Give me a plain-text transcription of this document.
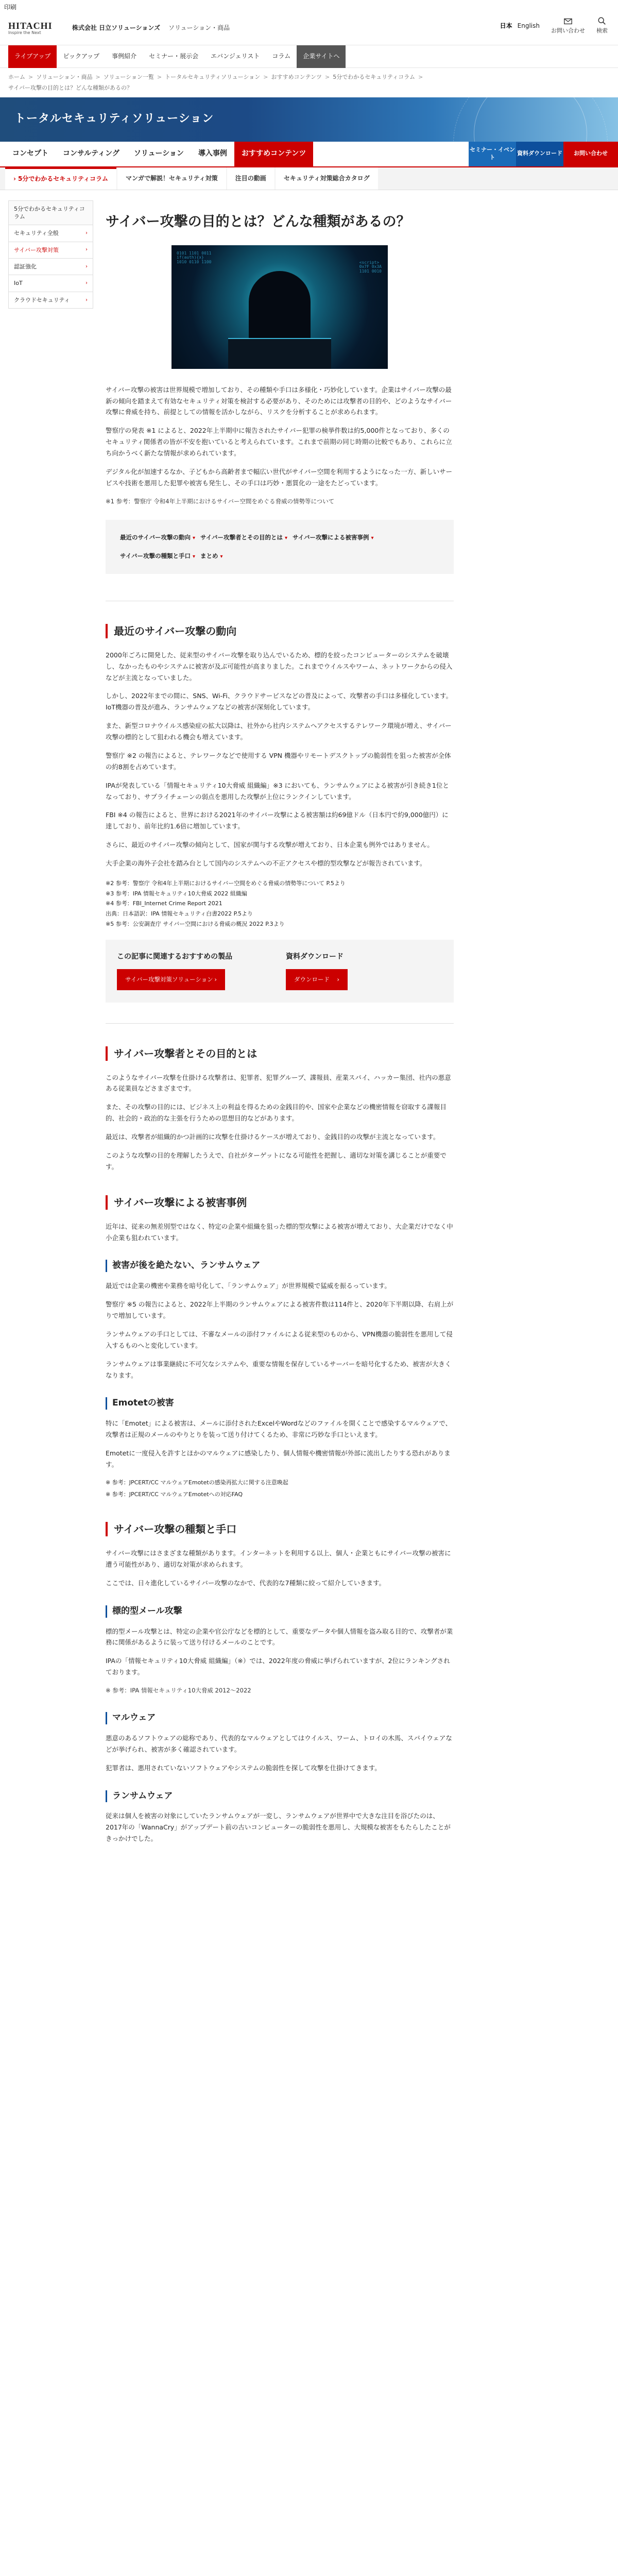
印刷
HITACHI
Inspire the Next
株式会社 日立ソリューションズ ソリューション・商品	日本 English
お問い合わせ 検索
ライブアップ	ピックアップ	事例紹介	セミナー・展示会	エバンジェリスト	コラム	企業サイトへ
ホーム > ソリューション・商品 > ソリューション一覧 > トータルセキュリティソリューション > おすすめコンテンツ > 5分でわかるセキュリティコラム >
サイバー攻撃の目的とは？どんな種類があるの？
トータルセキュリティソリューション
コンセプト	コンサルティング	ソリューション	導入事例	おすすめコンテンツ	セミナー・イベント
資料ダウンロード	お問い合わせ
› 5分でわかるセキュリティコラム	マンガで解説！セキュリティ対策	注目の動画	セキュリティ対策総合カタログ
5分でわかるセキュリティコラム
セキュリティ全般	›
サイバー攻撃対策	›
認証強化	›
IoT	›
クラウドセキュリティ	›
サイバー攻撃の目的とは？どんな種類があるの？
0101 1101 0011
if(auth){x}
1010 0110 1100	<script>
0x7F 0x3A
1101 0010

サイバー攻撃の被害は世界規模で増加しており、その種類や手口は多様化・巧妙化しています。企業はサイバー攻撃の最新の傾向を踏まえて有効なセキュリティ対策を検討する必要があり、そのためには攻撃者の目的や、どのようなサイバー攻撃に脅威を持ち、前提としての情報を活かしながら、リスクを分析することが求められます。

警察庁の発表 ※1 によると、2022年上半期中に報告されたサイバー犯罪の検挙件数は約5,000件となっており、多くのセキュリティ関係者の皆が不安を抱いていると考えられています。これまで前期の同じ時期の比較でもあり、これらに立ち向かうべく新たな情報が求められています。

デジタル化が加速するなか、子どもから高齢者まで幅広い世代がサイバー空間を利用するようになった一方、新しいサービスや技術を悪用した犯罪や被害も発生し、その手口は巧妙・悪質化の一途をたどっています。

※1 参考：警察庁 令和4年上半期におけるサイバー空間をめぐる脅威の情勢等について

最近のサイバー攻撃の動向 ▾ サイバー攻撃者とその目的とは ▾ サイバー攻撃による被害事例 ▾
サイバー攻撃の種類と手口 ▾ まとめ ▾
最近のサイバー攻撃の動向

2000年ごろに開発した、従来型のサイバー攻撃を取り込んでいるため、標的を絞ったコンピューターのシステムを破壊し、なかったものやシステムに被害が及ぶ可能性が高まりました。これまでウイルスやワーム、ネットワークからの侵入などが主流となっていました。

しかし、2022年までの間に、SNS、Wi-Fi、クラウドサービスなどの普及によって、攻撃者の手口は多様化しています。IoT機器の普及が進み、ランサムウェアなどの被害が深刻化しています。

また、新型コロナウイルス感染症の拡大以降は、社外から社内システムへアクセスするテレワーク環境が増え、サイバー攻撃の標的として狙われる機会も増えています。

警察庁 ※2 の報告によると、テレワークなどで使用する VPN 機器やリモートデスクトップの脆弱性を狙った被害が全体の約8割を占めています。

IPAが発表している「情報セキュリティ10大脅威 組織編」※3 においても、ランサムウェアによる被害が引き続き1位となっており、サプライチェーンの弱点を悪用した攻撃が上位にランクインしています。

FBI ※4 の報告によると、世界における2021年のサイバー攻撃による被害額は約69億ドル（日本円で約9,000億円）に達しており、前年比約1.6倍に増加しています。

さらに、最近のサイバー攻撃の傾向として、国家が関与する攻撃が増えており、日本企業も例外ではありません。

大手企業の海外子会社を踏み台として国内のシステムへの不正アクセスや標的型攻撃などが報告されています。

※2 参考：警察庁 令和4年上半期におけるサイバー空間をめぐる脅威の情勢等について P.5より
※3 参考：IPA 情報セキュリティ10大脅威 2022 組織編
※4 参考：FBI_Internet Crime Report 2021
出典：日本語訳：IPA 情報セキュリティ白書2022 P.5より
※5 参考：公安調査庁 サイバー空間における脅威の概況 2022 P.3より
この記事に関連するおすすめの製品
サイバー攻撃対策ソリューション ›
資料ダウンロード
ダウンロード ›
サイバー攻撃者とその目的とは

このようなサイバー攻撃を仕掛ける攻撃者は、犯罪者、犯罪グループ、諜報員、産業スパイ、ハッカー集団、社内の悪意ある従業員などさまざまです。

また、その攻撃の目的には、ビジネス上の利益を得るための金銭目的や、国家や企業などの機密情報を窃取する諜報目的、社会的・政治的な主張を行うための思想目的などがあります。

最近は、攻撃者が組織的かつ計画的に攻撃を仕掛けるケースが増えており、金銭目的の攻撃が主流となっています。

このような攻撃の目的を理解したうえで、自社がターゲットになる可能性を把握し、適切な対策を講じることが重要です。

サイバー攻撃による被害事例

近年は、従来の無差別型ではなく、特定の企業や組織を狙った標的型攻撃による被害が増えており、大企業だけでなく中小企業も狙われています。

被害が後を絶たない、ランサムウェア

最近では企業の機密や業務を暗号化して、「ランサムウェア」が世界規模で猛威を振るっています。

警察庁 ※5 の報告によると、2022年上半期のランサムウェアによる被害件数は114件と、2020年下半期以降、右肩上がりで増加しています。

ランサムウェアの手口としては、不審なメールの添付ファイルによる従来型のものから、VPN機器の脆弱性を悪用して侵入するものへと変化しています。

ランサムウェアは事業継続に不可欠なシステムや、重要な情報を保存しているサーバーを暗号化するため、被害が大きくなります。

Emotetの被害

特に「Emotet」による被害は、メールに添付されたExcelやWordなどのファイルを開くことで感染するマルウェアで、攻撃者は正規のメールのやりとりを装って送り付けてくるため、非常に巧妙な手口といえます。

Emotetに一度侵入を許すとほかのマルウェアに感染したり、個人情報や機密情報が外部に流出したりする恐れがあります。

※ 参考：JPCERT/CC マルウェアEmotetの感染再拡大に関する注意喚起
※ 参考：JPCERT/CC マルウェアEmotetへの対応FAQ
サイバー攻撃の種類と手口

サイバー攻撃にはさまざまな種類があります。インターネットを利用する以上、個人・企業ともにサイバー攻撃の被害に遭う可能性があり、適切な対策が求められます。

ここでは、日々進化しているサイバー攻撃のなかで、代表的な7種類に絞って紹介していきます。

標的型メール攻撃

標的型メール攻撃とは、特定の企業や官公庁などを標的として、重要なデータや個人情報を盗み取る目的で、攻撃者が業務に関係があるように装って送り付けるメールのことです。

IPAの「情報セキュリティ10大脅威 組織編」（※）では、2022年度の脅威に挙げられていますが、2位にランキングされております。

※ 参考：IPA 情報セキュリティ10大脅威 2012〜2022

マルウェア

悪意のあるソフトウェアの総称であり、代表的なマルウェアとしてはウイルス、ワーム、トロイの木馬、スパイウェアなどが挙げられ、被害が多く確認されています。

犯罪者は、悪用されていないソフトウェアやシステムの脆弱性を探して攻撃を仕掛けてきます。

ランサムウェア

従来は個人を被害の対象にしていたランサムウェアが一変し、ランサムウェアが世界中で大きな注目を浴びたのは、2017年の「WannaCry」がアップデート前の古いコンピューターの脆弱性を悪用し、大規模な被害をもたらしたことがきっかけでした。
